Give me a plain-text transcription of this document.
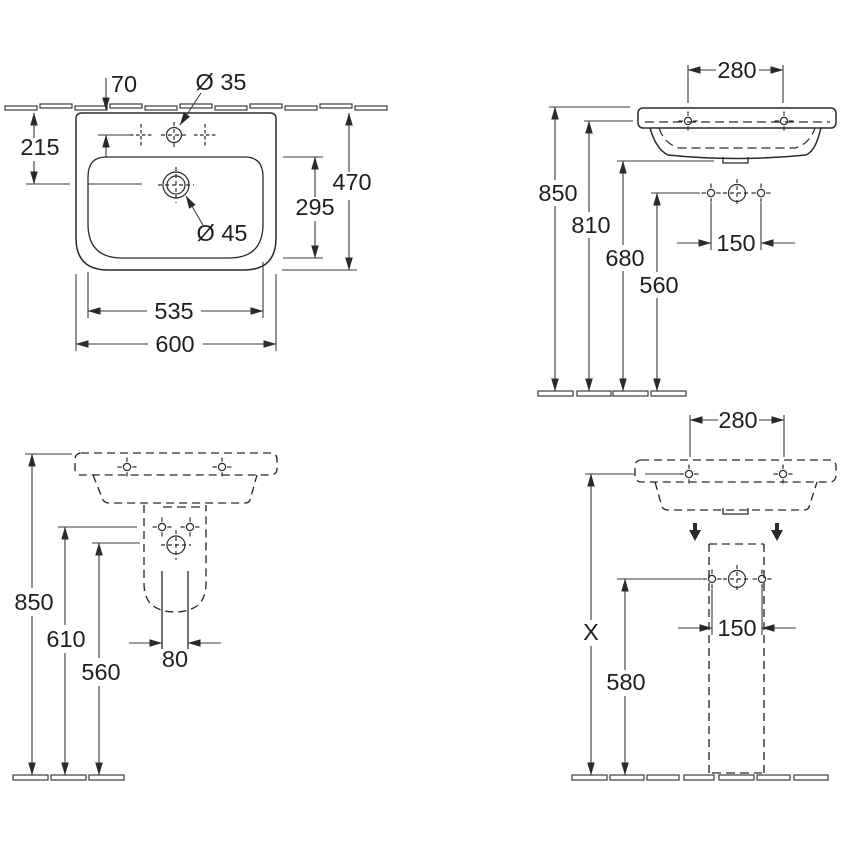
Ø 35
Ø 45
70
215
470
295
535
600
280
150
850
810
680
560
80
850
610
560
280
150
X
580
